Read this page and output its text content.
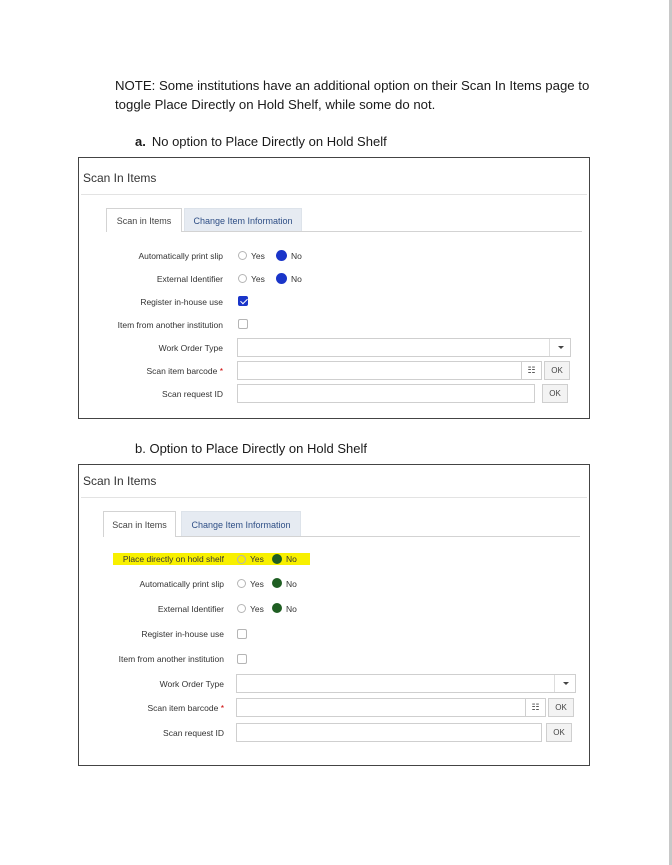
NOTE: Some institutions have an additional option on their Scan In Items page to toggle Place Directly on Hold Shelf, while some do not.
a. No option to Place Directly on Hold Shelf
Scan In Items
Scan in Items	Change Item Information
Automatically print slip	Yes	No
External Identifier	Yes	No
Register in-house use
Item from another institution
Work Order Type
Scan item barcode *	☷	OK
Scan request ID	OK
b. Option to Place Directly on Hold Shelf
Scan In Items
Scan in Items	Change Item Information
Place directly on hold shelf	Yes	No
Automatically print slip	Yes	No
External Identifier	Yes	No
Register in-house use
Item from another institution
Work Order Type
Scan item barcode *	☷	OK
Scan request ID	OK
